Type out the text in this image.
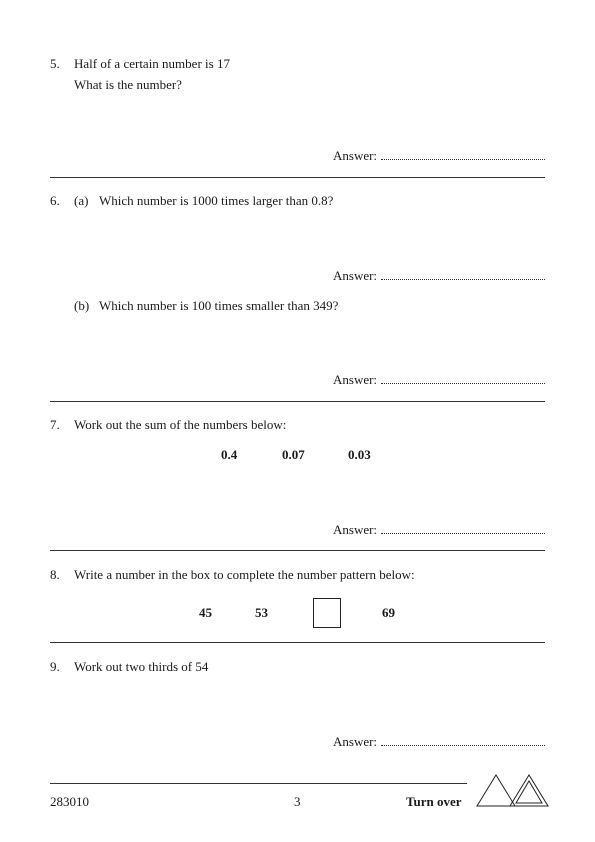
5. Half of a certain number is 17
What is the number?
Answer:
6. (a) Which number is 1000 times larger than 0.8?
Answer:
(b) Which number is 100 times smaller than 349?
Answer:
7. Work out the sum of the numbers below:
0.4	0.07	0.03
Answer:
8. Write a number in the box to complete the number pattern below:
45	53	69
9. Work out two thirds of 54
Answer:
283010	3	Turn over
